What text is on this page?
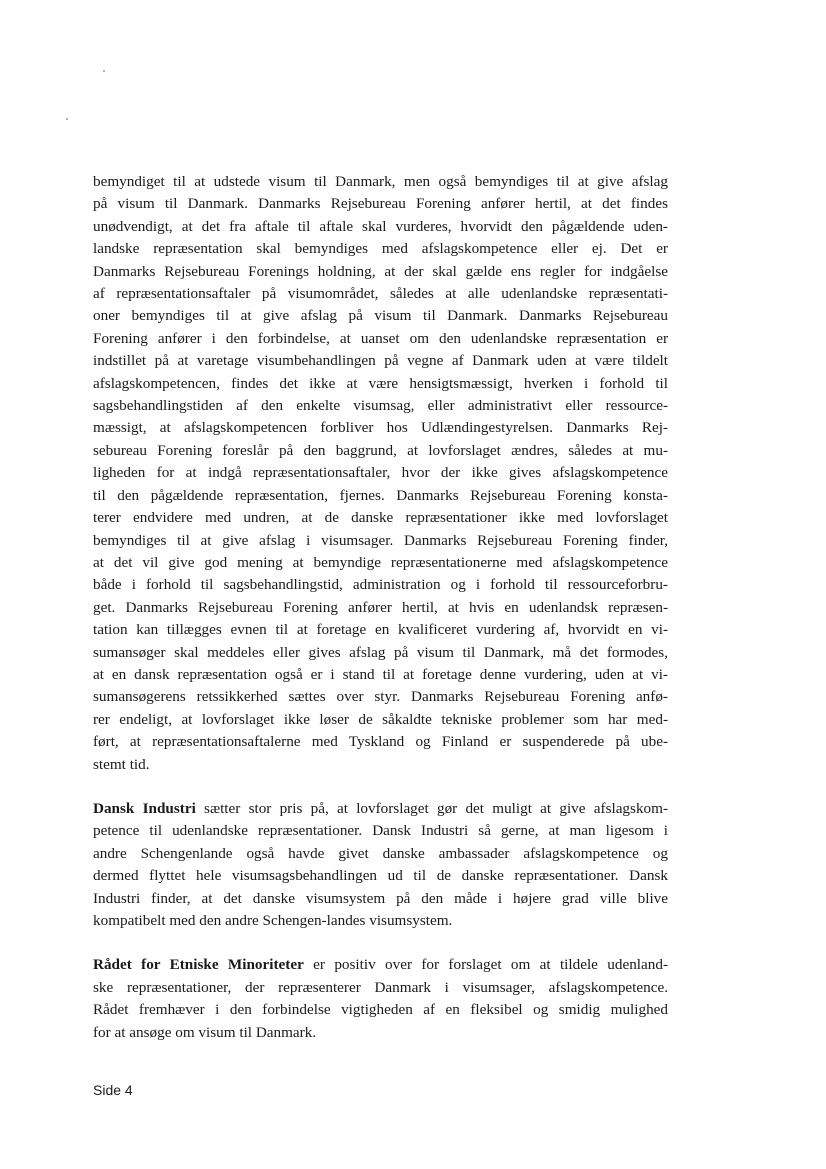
bemyndiget til at udstede visum til Danmark, men også bemyndiges til at give afslag
på visum til Danmark. Danmarks Rejsebureau Forening anfører hertil, at det findes
unødvendigt, at det fra aftale til aftale skal vurderes, hvorvidt den pågældende uden-
landske repræsentation skal bemyndiges med afslagskompetence eller ej. Det er
Danmarks Rejsebureau Forenings holdning, at der skal gælde ens regler for indgåelse
af repræsentationsaftaler på visumområdet, således at alle udenlandske repræsentati-
oner bemyndiges til at give afslag på visum til Danmark. Danmarks Rejsebureau
Forening anfører i den forbindelse, at uanset om den udenlandske repræsentation er
indstillet på at varetage visumbehandlingen på vegne af Danmark uden at være tildelt
afslagskompetencen, findes det ikke at være hensigtsmæssigt, hverken i forhold til
sagsbehandlingstiden af den enkelte visumsag, eller administrativt eller ressource-
mæssigt, at afslagskompetencen forbliver hos Udlændingestyrelsen. Danmarks Rej-
sebureau Forening foreslår på den baggrund, at lovforslaget ændres, således at mu-
ligheden for at indgå repræsentationsaftaler, hvor der ikke gives afslagskompetence
til den pågældende repræsentation, fjernes. Danmarks Rejsebureau Forening konsta-
terer endvidere med undren, at de danske repræsentationer ikke med lovforslaget
bemyndiges til at give afslag i visumsager. Danmarks Rejsebureau Forening finder,
at det vil give god mening at bemyndige repræsentationerne med afslagskompetence
både i forhold til sagsbehandlingstid, administration og i forhold til ressourceforbru-
get. Danmarks Rejsebureau Forening anfører hertil, at hvis en udenlandsk repræsen-
tation kan tillægges evnen til at foretage en kvalificeret vurdering af, hvorvidt en vi-
sumansøger skal meddeles eller gives afslag på visum til Danmark, må det formodes,
at en dansk repræsentation også er i stand til at foretage denne vurdering, uden at vi-
sumansøgerens retssikkerhed sættes over styr. Danmarks Rejsebureau Forening anfø-
rer endeligt, at lovforslaget ikke løser de såkaldte tekniske problemer som har med-
ført, at repræsentationsaftalerne med Tyskland og Finland er suspenderede på ube-
stemt tid.
Dansk Industri sætter stor pris på, at lovforslaget gør det muligt at give afslagskom-
petence til udenlandske repræsentationer. Dansk Industri så gerne, at man ligesom i
andre Schengenlande også havde givet danske ambassader afslagskompetence og
dermed flyttet hele visumsagsbehandlingen ud til de danske repræsentationer. Dansk
Industri finder, at det danske visumsystem på den måde i højere grad ville blive
kompatibelt med den andre Schengen-landes visumsystem.
Rådet for Etniske Minoriteter er positiv over for forslaget om at tildele udenland-
ske repræsentationer, der repræsenterer Danmark i visumsager, afslagskompetence.
Rådet fremhæver i den forbindelse vigtigheden af en fleksibel og smidig mulighed
for at ansøge om visum til Danmark.
Side 4
